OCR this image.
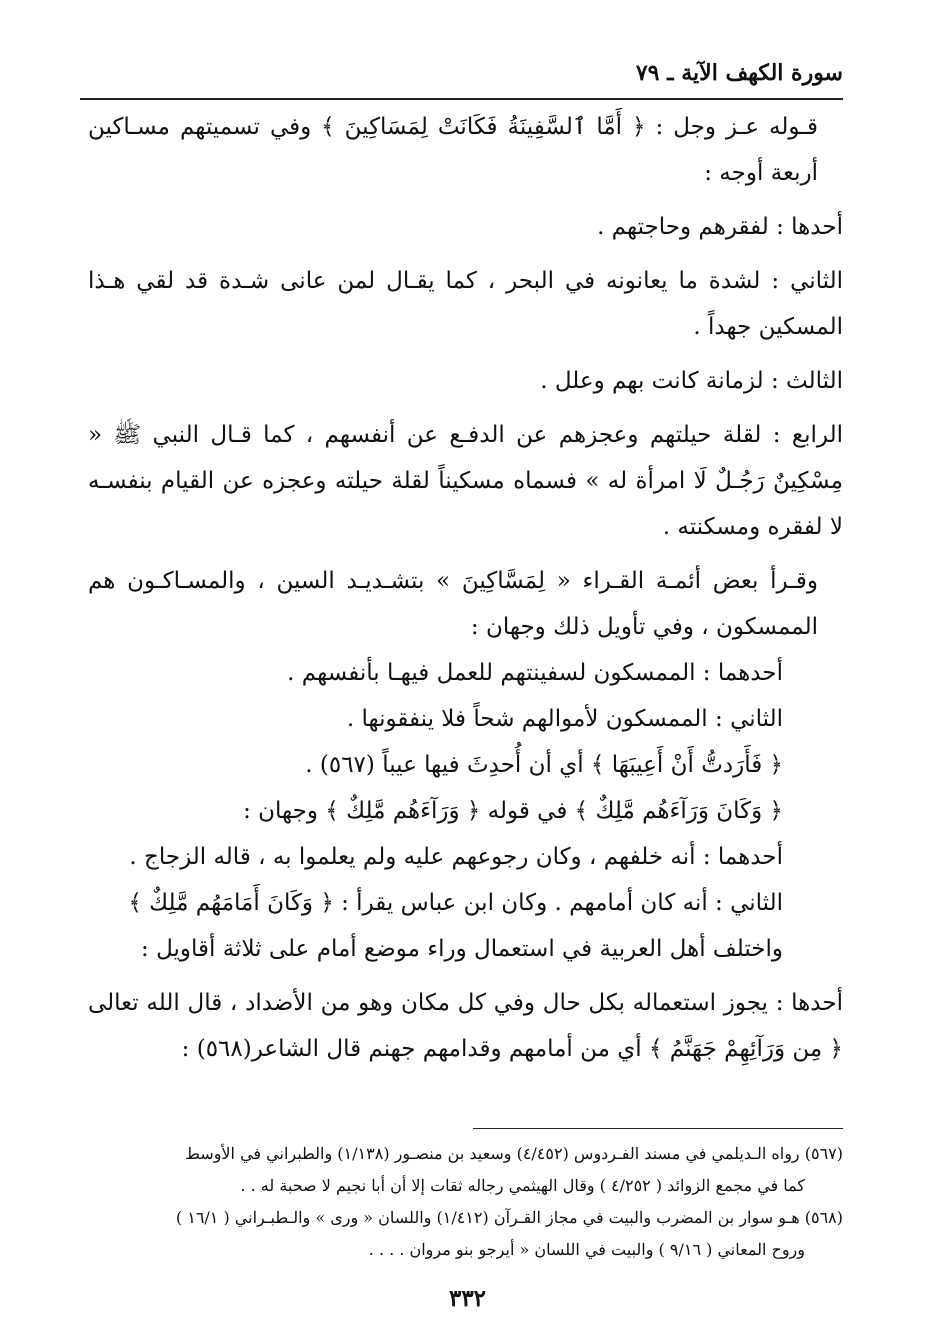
سورة الكهف الآية ـ ٧٩

قـوله عـز وجل : ﴿ أَمَّا ٱلسَّفِينَةُ فَكَانَتْ لِمَسَاكِينَ ﴾ وفي تسميتهم مسـاكين أربعة أوجه :

أحدها : لفقرهم وحاجتهم .

الثاني : لشدة ما يعانونه في البحر ، كما يقـال لمن عانى شـدة قد لقي هـذا المسكين جهداً .

الثالث : لزمانة كانت بهم وعلل .

الرابع : لقلة حيلتهم وعجزهم عن الدفـع عن أنفسهم ، كما قـال النبي ﷺ « مِسْكِينٌ رَجُـلٌ لَا امرأة له » فسماه مسكيناً لقلة حيلته وعجزه عن القيام بنفسـه لا لفقره ومسكنته .

وقـرأ بعض أئمـة القـراء « لِمَسَّاكِينَ » بتشـديـد السين ، والمسـاكـون هم الممسكون ، وفي تأويل ذلك وجهان :

أحدهما : الممسكون لسفينتهم للعمل فيهـا بأنفسهم .

الثاني : الممسكون لأموالهم شحاً فلا ينفقونها .

﴿ فَأَرَدتُّ أَنْ أَعِيبَهَا ﴾ أي أن أُحدِثَ فيها عيباً (٥٦٧) .

﴿ وَكَانَ وَرَآءَهُم مَّلِكٌ ﴾ في قوله ﴿ وَرَآءَهُم مَّلِكٌ ﴾ وجهان :

أحدهما : أنه خلفهم ، وكان رجوعهم عليه ولم يعلموا به ، قاله الزجاج .

الثاني : أنه كان أمامهم . وكان ابن عباس يقرأ : ﴿ وَكَانَ أَمَامَهُم مَّلِكٌ ﴾

واختلف أهل العربية في استعمال وراء موضع أمام على ثلاثة أقاويل :

أحدها : يجوز استعماله بكل حال وفي كل مكان وهو من الأضداد ، قال الله تعالى ﴿ مِن وَرَآئِهِمْ جَهَنَّمُ ﴾ أي من أمامهم وقدامهم جهنم قال الشاعر(٥٦٨) :

(٥٦٧) رواه الـديلمي في مسند الفـردوس (٤/٤٥٢) وسعيد بن منصـور (١/١٣٨) والطبراني في الأوسط

كما في مجمع الزوائد ( ٤/٢٥٢ ) وقال الهيثمي رجاله ثقات إلا أن أبا نجيم لا صحبة له . .

(٥٦٨) هـو سوار بن المضرب والبيت في مجاز القـرآن (١/٤١٢) واللسان « ورى » والـطبـراني ( ١٦/١ )

وروح المعاني ( ٩/١٦ ) والبيت في اللسان « أيرجو بنو مروان . . . .

٣٣٢
